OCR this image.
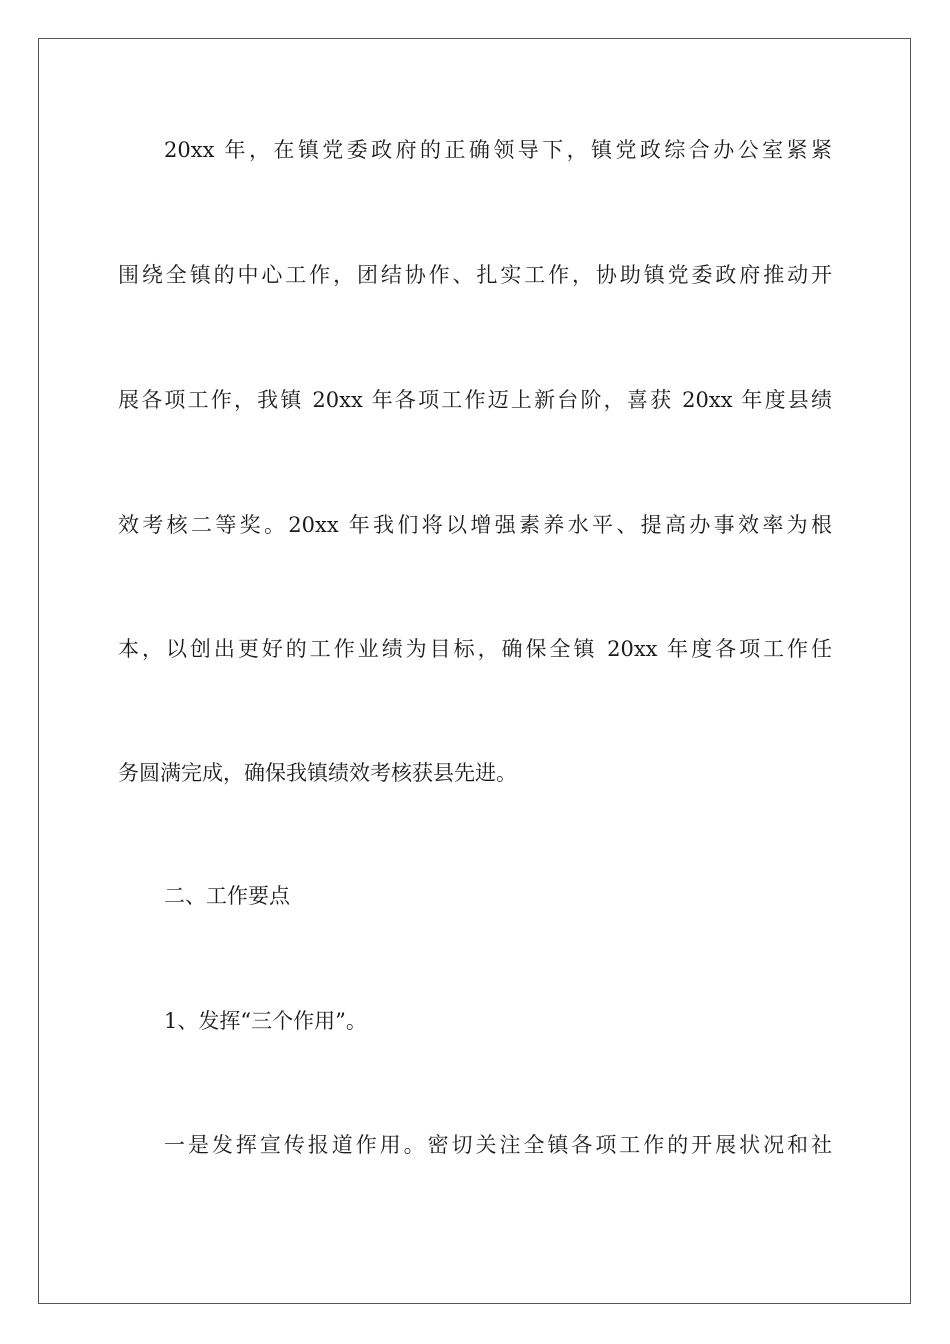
20xx 年，在镇党委政府的正确领导下，镇党政综合办公室紧紧
围绕全镇的中心工作，团结协作、扎实工作，协助镇党委政府推动开
展各项工作，我镇 20xx 年各项工作迈上新台阶，喜获 20xx 年度县绩
效考核二等奖。20xx 年我们将以增强素养水平、提高办事效率为根
本，以创出更好的工作业绩为目标，确保全镇 20xx 年度各项工作任
务圆满完成，确保我镇绩效考核获县先进。
二、工作要点
1、发挥“三个作用”。
一是发挥宣传报道作用。密切关注全镇各项工作的开展状况和社
